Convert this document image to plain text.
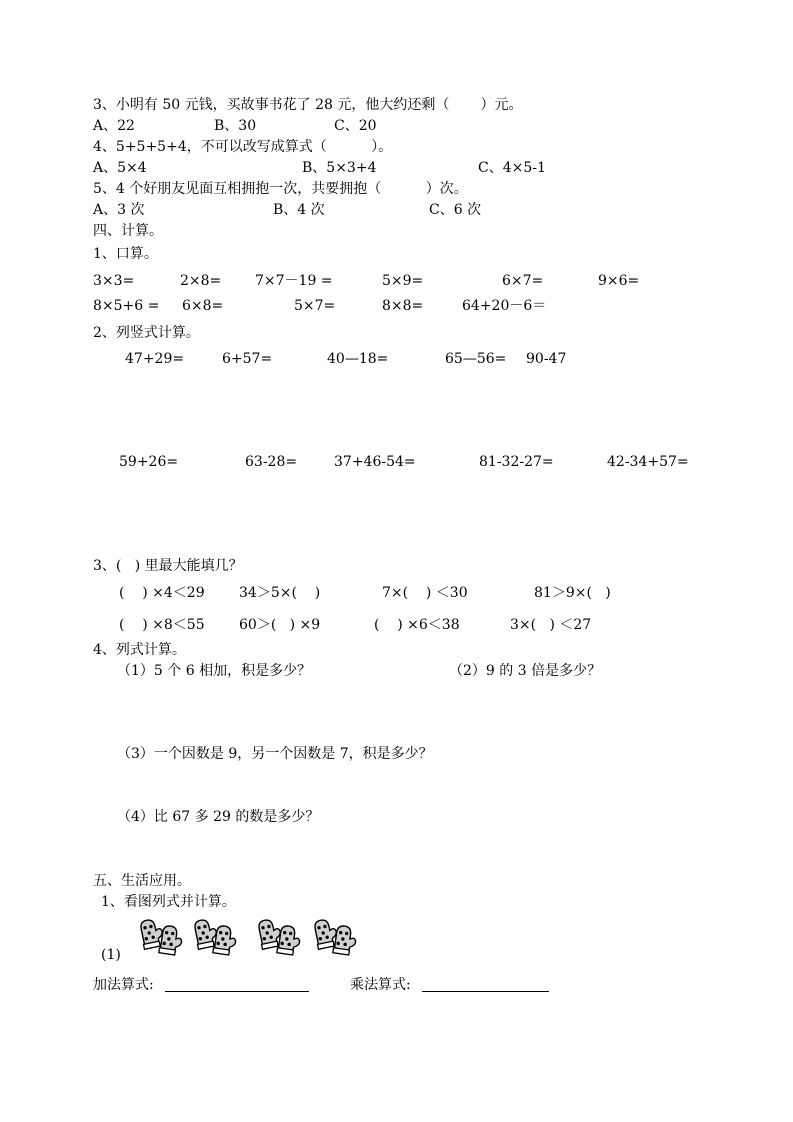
3、小明有 50 元钱，买故事书花了 28 元，他大约还剩（       ）元。
A、22	B、30	C、20
4、5+5+5+4，不可以改写成算式（          ）。
A、5×4	B、5×3+4	C、4×5-1
5、4 个好朋友见面互相拥抱一次，共要拥抱（          ）次。
A、3 次	B、4 次	C、6 次
四、计算。
1、口算。
3×3=	2×8= 7×7－19 =	5×9=	6×7=	9×6=
8×5+6 = 6×8=	5×7=	8×8=	64+20－6＝
2、列竖式计算。
47+29=	6+57=	40—18=	65—56= 90-47
59+26=	63-28=	37+46-54=	81-32-27=	42-34+57=
3、(   ) 里最大能填几？
(    ) ×4＜29 34＞5×(    )	7×(    ) ＜30	81＞9×(   )
(    ) ×8＜55 60＞(   ) ×9	(    ) ×6＜38	3×(   ) ＜27
4、列式计算。
（1）5 个 6 相加，积是多少？	（2）9 的 3 倍是多少？
（3）一个因数是 9，另一个因数是 7，积是多少？
（4）比 67 多 29 的数是多少？
五、生活应用。
1、看图列式并计算。
(1)
加法算式:	乘法算式:
